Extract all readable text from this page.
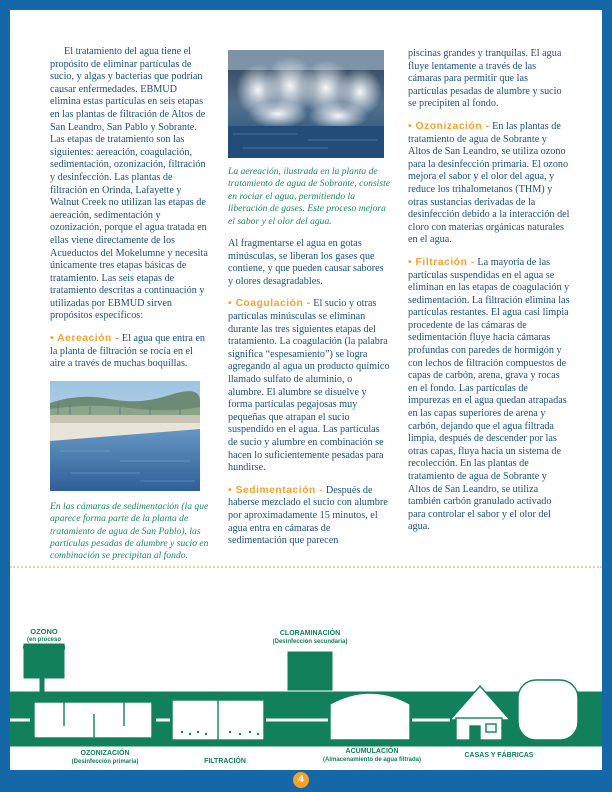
El tratamiento del agua tiene el propósito de eliminar partículas de sucio, y algas y bacterias que podrían causar enfermedades. EBMUD elimina estas partículas en seis etapas en las plantas de filtración de Altos de San Leandro, San Pablo y Sobrante. Las etapas de tratamiento son las siguientes: aereación, coagulación, sedimentación, ozonización, filtración y desinfección. Las plantas de filtración en Orinda, Lafayette y Walnut Creek no utilizan las etapas de aereación, sedimentación y ozonización, porque el agua tratada en ellas viene directamente de los Acueductos del Mokelumne y necesita únicamente tres etapas básicas de tratamiento. Las seis etapas de tratamiento descritas a continuación y utilizadas por EBMUD sirven propósitos específicos:

• Aereación - El agua que entra en la planta de filtración se rocía en el aire a través de muchas boquillas.

En las cámaras de sedimentación (la que aparece forma parte de la planta de tratamiento de agua de San Pablo), las partículas pesadas de alumbre y sucio en combinación se precipitan al fondo.

La aereación, ilustrada en la planta de tratamiento de agua de Sobrante, consiste en rociar el agua, permitiendo la liberación de gases. Este proceso mejora el sabor y el olor del agua.

Al fragmentarse el agua en gotas minúsculas, se liberan los gases que contiene, y que pueden causar sabores y olores desagradables.

• Coagulación - El sucio y otras partículas minúsculas se eliminan durante las tres siguientes etapas del tratamiento. La coagulación (la palabra significa “espesamiento”) se logra agregando al agua un producto químico llamado sulfato de aluminio, o alumbre. El alumbre se disuelve y forma partículas pegajosas muy pequeñas que atrapan el sucio suspendido en el agua. Las partículas de sucio y alumbre en combinación se hacen lo suficientemente pesadas para hundirse.

• Sedimentación - Después de haberse mezclado el sucio con alumbre por aproximadamente 15 minutos, el agua entra en cámaras de sedimentación que parecen

piscinas grandes y tranquilas. El agua fluye lentamente a través de las cámaras para permitir que las partículas pesadas de alumbre y sucio se precipiten al fondo.

• Ozonización - En las plantas de tratamiento de agua de Sobrante y Altos de San Leandro, se utiliza ozono para la desinfección primaria. El ozono mejora el sabor y el olor del agua, y reduce los trihalometanos (THM) y otras sustancias derivadas de la desinfección debido a la interacción del cloro con materias orgánicas naturales en el agua.

• Filtración - La mayoría de las partículas suspendidas en el agua se eliminan en las etapas de coagulación y sedimentación. La filtración elimina las partículas restantes. El agua casi limpia procedente de las cámaras de sedimentación fluye hacia cámaras profundas con paredes de hormigón y con lechos de filtración compuestos de capas de carbón, arena, grava y rocas en el fondo. Las partículas de impurezas en el agua quedan atrapadas en las capas superiores de arena y carbón, dejando que el agua filtrada limpia, después de descender por las otras capas, fluya hacia un sistema de recolección. En las plantas de tratamiento de agua de Sobrante y Altos de San Leandro, se utiliza también carbón granulado activado para controlar el sabor y el olor del agua.

OZONO
(en proceso
de fabricación)
CLORAMINACIÓN
(Desinfección secundaria)
OZONIZACIÓN
(Desinfección primaria)	FILTRACIÓN
ACUMULACIÓN
(Almacenamiento de agua filtrada)
CASAS Y FÁBRICAS
4
